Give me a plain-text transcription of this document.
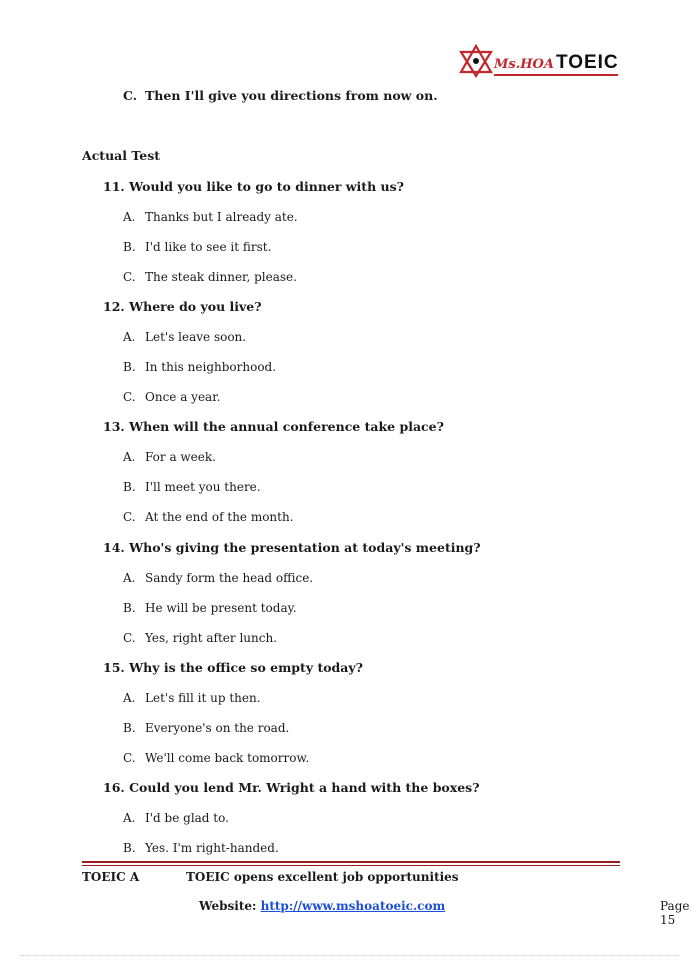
Ms.HOA TOEIC
C. Then I'll give you directions from now on.
Actual Test
11. Would you like to go to dinner with us?
A. Thanks but I already ate.
B. I'd like to see it first.
C. The steak dinner, please.
12. Where do you live?
A. Let's leave soon.
B. In this neighborhood.
C. Once a year.
13. When will the annual conference take place?
A. For a week.
B. I'll meet you there.
C. At the end of the month.
14. Who's giving the presentation at today's meeting?
A. Sandy form the head office.
B. He will be present today.
C. Yes, right after lunch.
15. Why is the office so empty today?
A. Let's fill it up then.
B. Everyone's on the road.
C. We'll come back tomorrow.
16. Could you lend Mr. Wright a hand with the boxes?
A. I'd be glad to.
B. Yes. I'm right-handed.
TOEIC A	TOEIC opens excellent job opportunities
Website: http://www.mshoatoeic.com	Page 15
